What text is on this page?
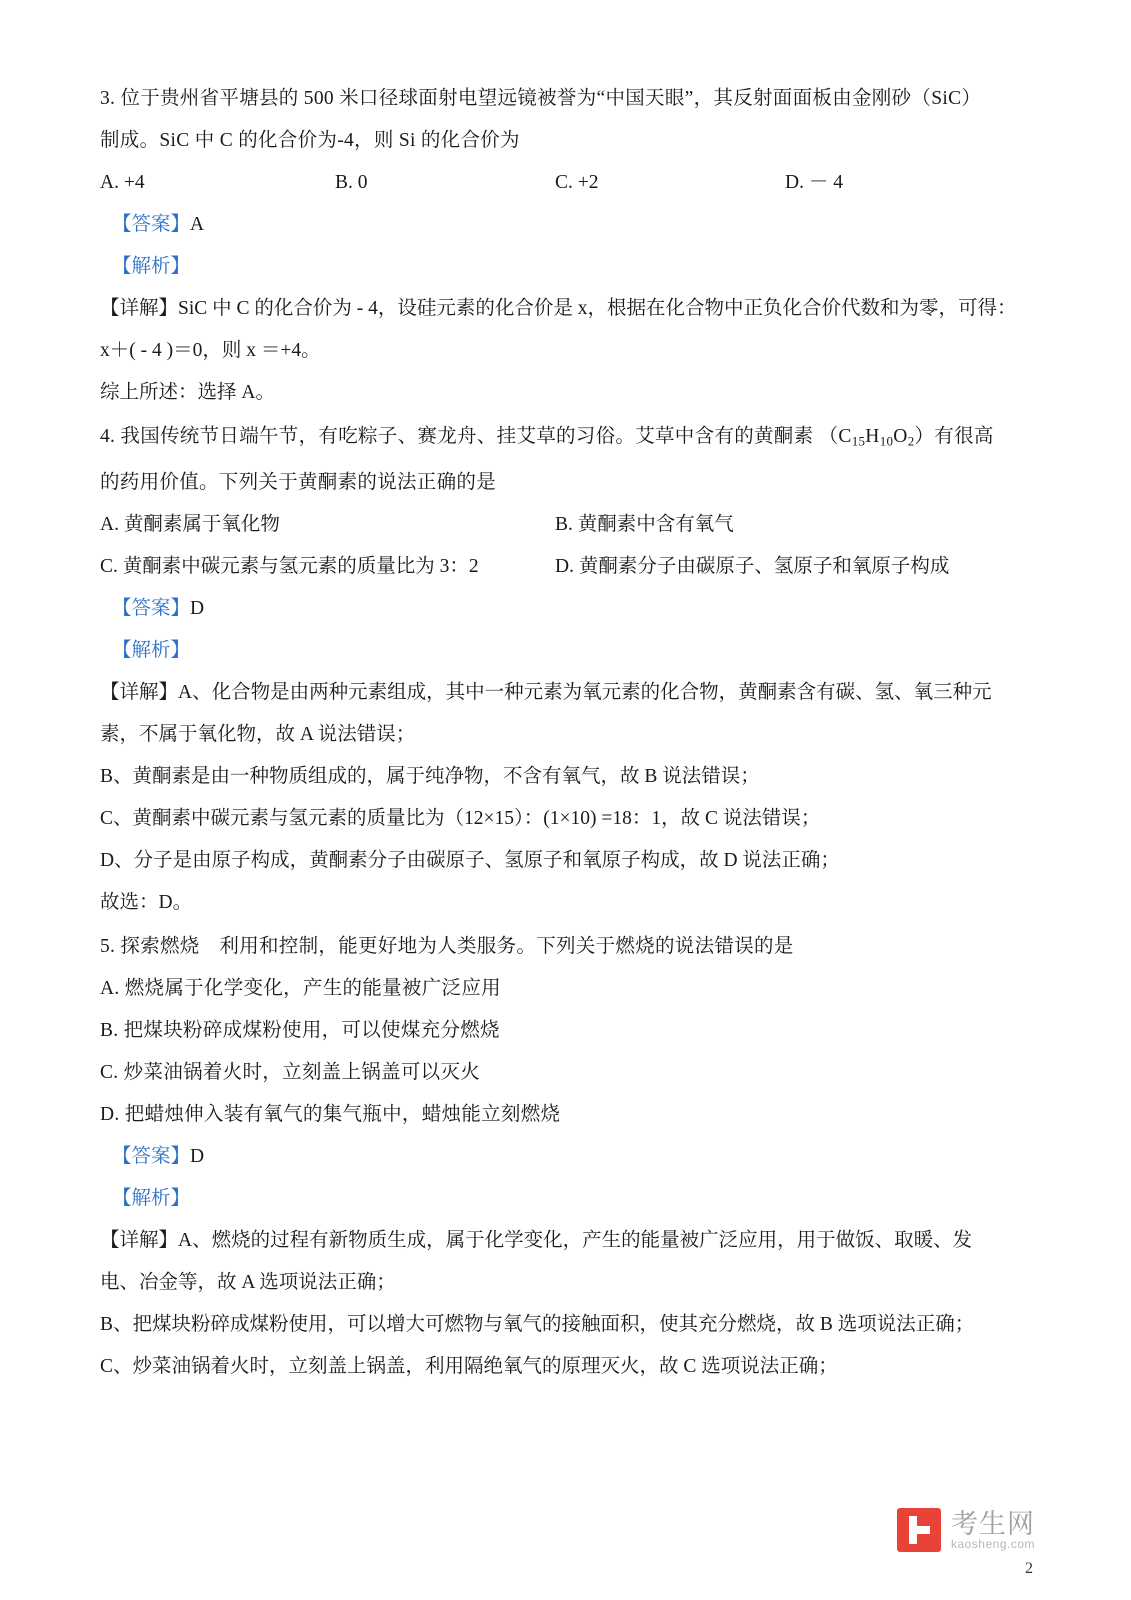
3. 位于贵州省平塘县的 500 米口径球面射电望远镜被誉为“中国天眼”，其反射面面板由金刚砂（SiC）
制成。SiC 中 C 的化合价为-4，则 Si 的化合价为
A. +4	B. 0	C. +2	D. － 4
【答案】A
【解析】
【详解】SiC 中 C 的化合价为 - 4，设硅元素的化合价是 x，根据在化合物中正负化合价代数和为零，可得：
x＋( - 4 )＝0，则 x ＝+4。
综上所述：选择 A。
4. 我国传统节日端午节，有吃粽子、赛龙舟、挂艾草的习俗。艾草中含有的黄酮素 $(C_{15}H_{10}O_2)$有很高
的药用价值。下列关于黄酮素的说法正确的是
A. 黄酮素属于氧化物	B. 黄酮素中含有氧气
C. 黄酮素中碳元素与氢元素的质量比为 3：2	D. 黄酮素分子由碳原子、氢原子和氧原子构成
【答案】D
【解析】
【详解】A、化合物是由两种元素组成，其中一种元素为氧元素的化合物，黄酮素含有碳、氢、氧三种元
素，不属于氧化物，故 A 说法错误；
B、黄酮素是由一种物质组成的，属于纯净物，不含有氧气，故 B 说法错误；
C、黄酮素中碳元素与氢元素的质量比为（12×15）：(1×10) =18：1，故 C 说法错误；
D、分子是由原子构成，黄酮素分子由碳原子、氢原子和氧原子构成，故 D 说法正确；
故选：D。
5. 探索燃烧　利用和控制，能更好地为人类服务。下列关于燃烧的说法错误的是
A. 燃烧属于化学变化，产生的能量被广泛应用
B. 把煤块粉碎成煤粉使用，可以使煤充分燃烧
C. 炒菜油锅着火时，立刻盖上锅盖可以灭火
D. 把蜡烛伸入装有氧气的集气瓶中，蜡烛能立刻燃烧
【答案】D
【解析】
【详解】A、燃烧的过程有新物质生成，属于化学变化，产生的能量被广泛应用，用于做饭、取暖、发
电、冶金等，故 A 选项说法正确；
B、把煤块粉碎成煤粉使用，可以增大可燃物与氧气的接触面积，使其充分燃烧，故 B 选项说法正确；
C、炒菜油锅着火时，立刻盖上锅盖，利用隔绝氧气的原理灭火，故 C 选项说法正确；
考生网
kaosheng.com
2
